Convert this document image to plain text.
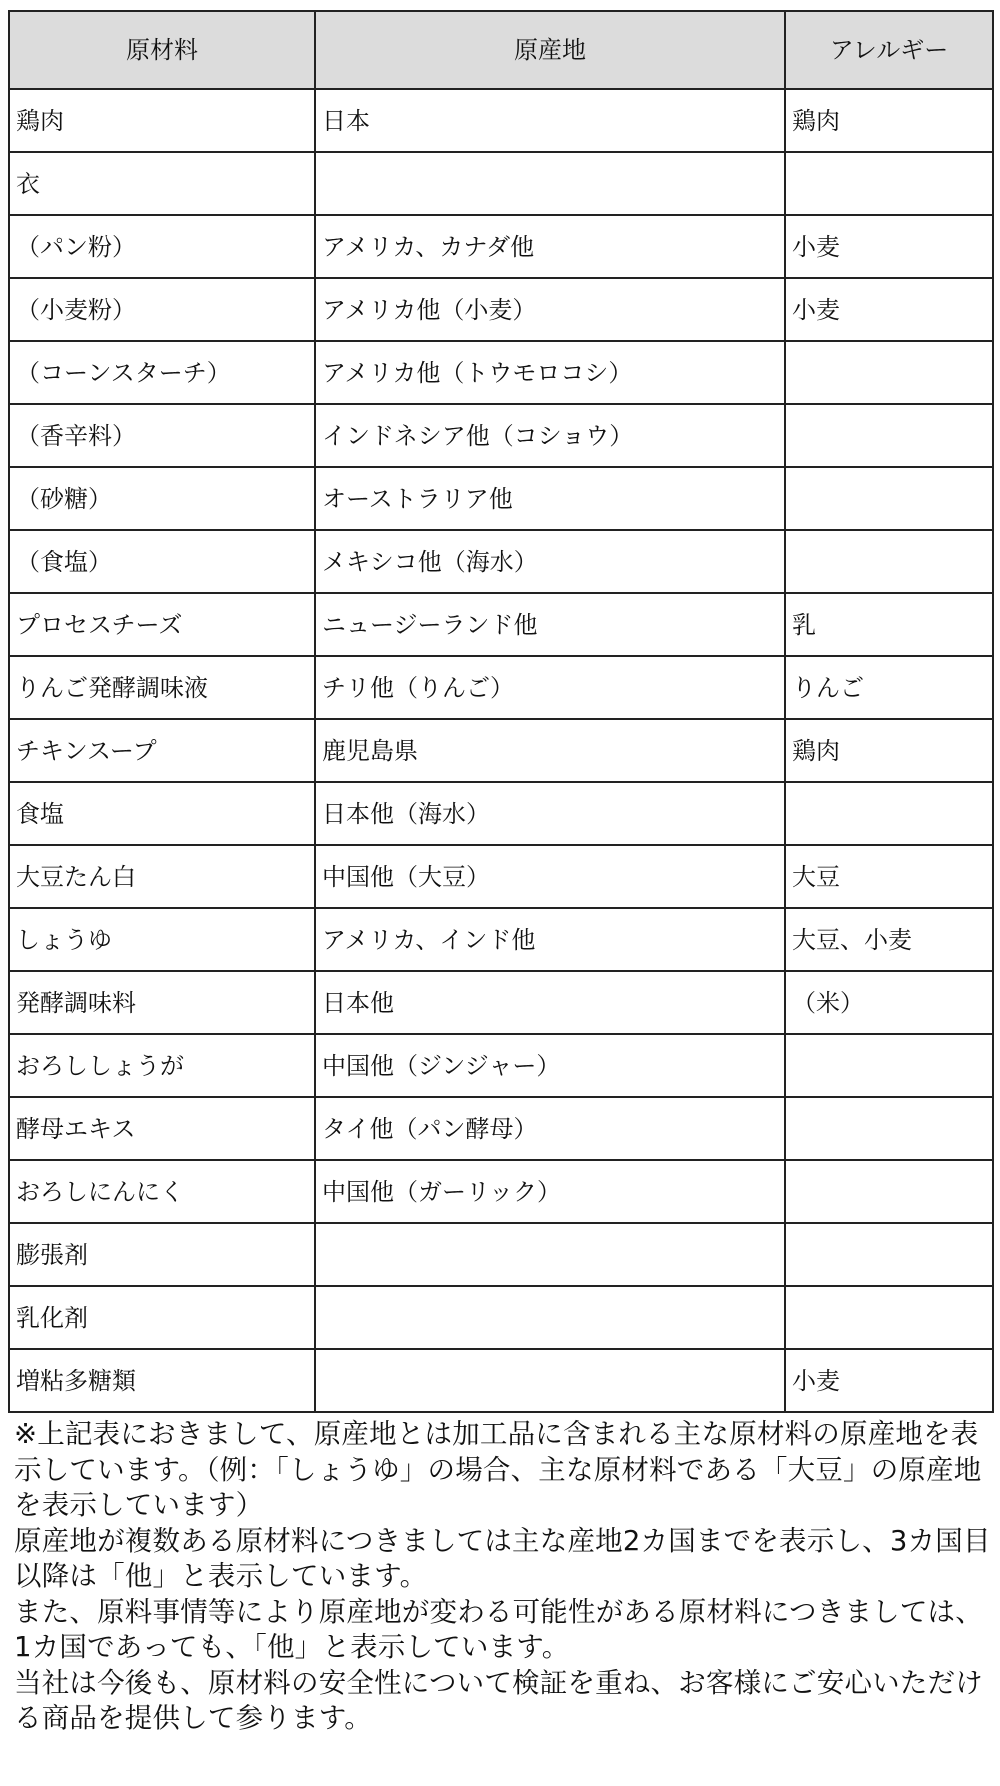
原材料	原産地	アレルギー
鶏肉	日本	鶏肉
衣		
（パン粉）	アメリカ、カナダ他	小麦
（小麦粉）	アメリカ他（小麦）	小麦
（コーンスターチ）	アメリカ他（トウモロコシ）	
（香辛料）	インドネシア他（コショウ）	
（砂糖）	オーストラリア他	
（食塩）	メキシコ他（海水）	
プロセスチーズ	ニュージーランド他	乳
りんご発酵調味液	チリ他（りんご）	りんご
チキンスープ	鹿児島県	鶏肉
食塩	日本他（海水）	
大豆たん白	中国他（大豆）	大豆
しょうゆ	アメリカ、インド他	大豆、小麦
発酵調味料	日本他	（米）
おろししょうが	中国他（ジンジャー）	
酵母エキス	タイ他（パン酵母）	
おろしにんにく	中国他（ガーリック）	
膨張剤		
乳化剤		
増粘多糖類		小麦

※上記表におきまして、原産地とは加工品に含まれる主な原材料の原産地を表示しています。（例：「しょうゆ」の場合、主な原材料である「大豆」の原産地を表示しています）

原産地が複数ある原材料につきましては主な産地2カ国までを表示し、3カ国目以降は「他」と表示しています。

また、原料事情等により原産地が変わる可能性がある原材料につきましては、1カ国であっても、「他」と表示しています。

当社は今後も、原材料の安全性について検証を重ね、お客様にご安心いただける商品を提供して参ります。
